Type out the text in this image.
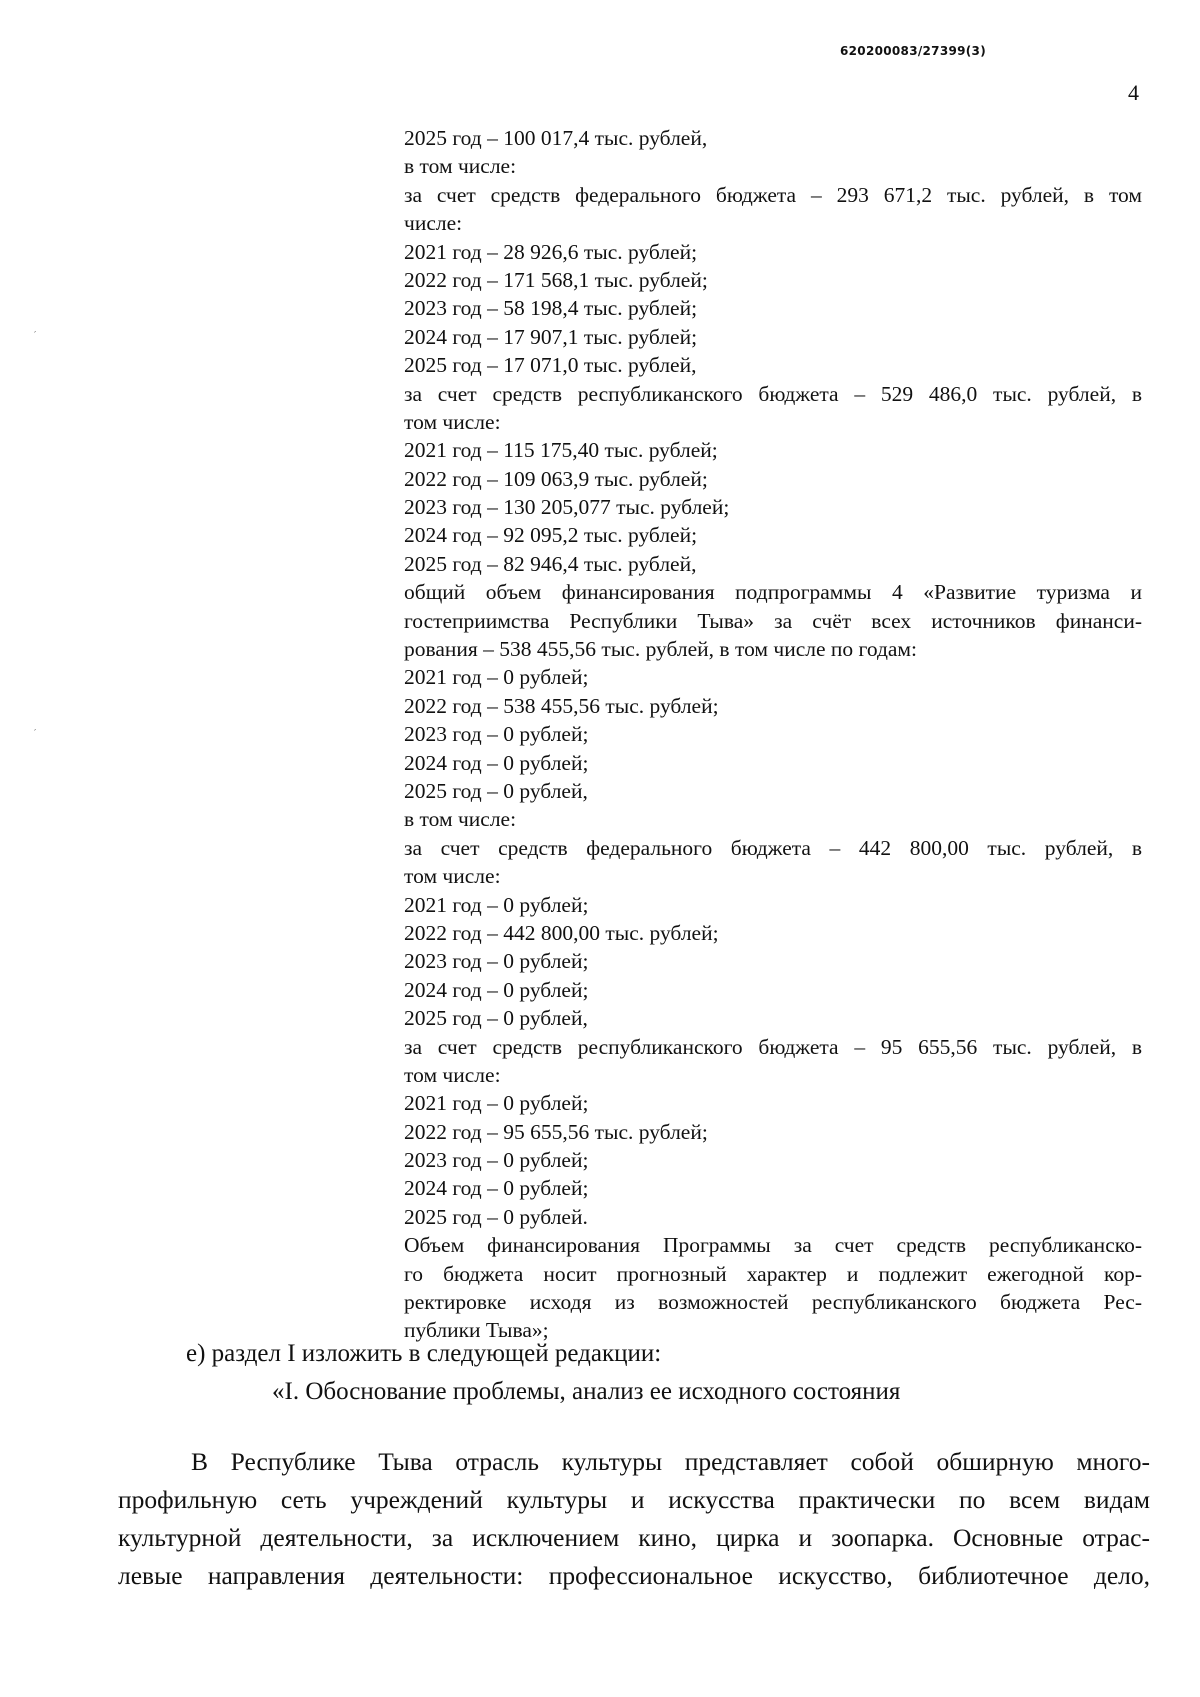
620200083/27399(3)
4
′
′
2025 год – 100 017,4 тыс. рублей,
в том числе:
за счет средств федерального бюджета – 293 671,2 тыс. рублей, в том
числе:
2021 год – 28 926,6 тыс. рублей;
2022 год – 171 568,1 тыс. рублей;
2023 год – 58 198,4 тыс. рублей;
2024 год – 17 907,1 тыс. рублей;
2025 год – 17 071,0 тыс. рублей,
за счет средств республиканского бюджета – 529 486,0 тыс. рублей, в
том числе:
2021 год – 115 175,40 тыс. рублей;
2022 год – 109 063,9 тыс. рублей;
2023 год – 130 205,077 тыс. рублей;
2024 год – 92 095,2 тыс. рублей;
2025 год – 82 946,4 тыс. рублей,
общий объем финансирования подпрограммы 4 «Развитие туризма и
гостеприимства Республики Тыва» за счёт всех источников финанси-
рования – 538 455,56 тыс. рублей, в том числе по годам:
2021 год – 0 рублей;
2022 год – 538 455,56 тыс. рублей;
2023 год – 0 рублей;
2024 год – 0 рублей;
2025 год – 0 рублей,
в том числе:
за счет средств федерального бюджета – 442 800,00 тыс. рублей, в
том числе:
2021 год – 0 рублей;
2022 год – 442 800,00 тыс. рублей;
2023 год – 0 рублей;
2024 год – 0 рублей;
2025 год – 0 рублей,
за счет средств республиканского бюджета – 95 655,56 тыс. рублей, в
том числе:
2021 год – 0 рублей;
2022 год – 95 655,56 тыс. рублей;
2023 год – 0 рублей;
2024 год – 0 рублей;
2025 год – 0 рублей.
Объем финансирования Программы за счет средств республиканско-
го бюджета носит прогнозный характер и подлежит ежегодной кор-
ректировке исходя из возможностей республиканского бюджета Рес-
публики Тыва»;
е) раздел I изложить в следующей редакции:
«I. Обоснование проблемы, анализ ее исходного состояния
В Республике Тыва отрасль культуры представляет собой обширную много-
профильную сеть учреждений культуры и искусства практически по всем видам
культурной деятельности, за исключением кино, цирка и зоопарка. Основные отрас-
левые направления деятельности: профессиональное искусство, библиотечное дело,
